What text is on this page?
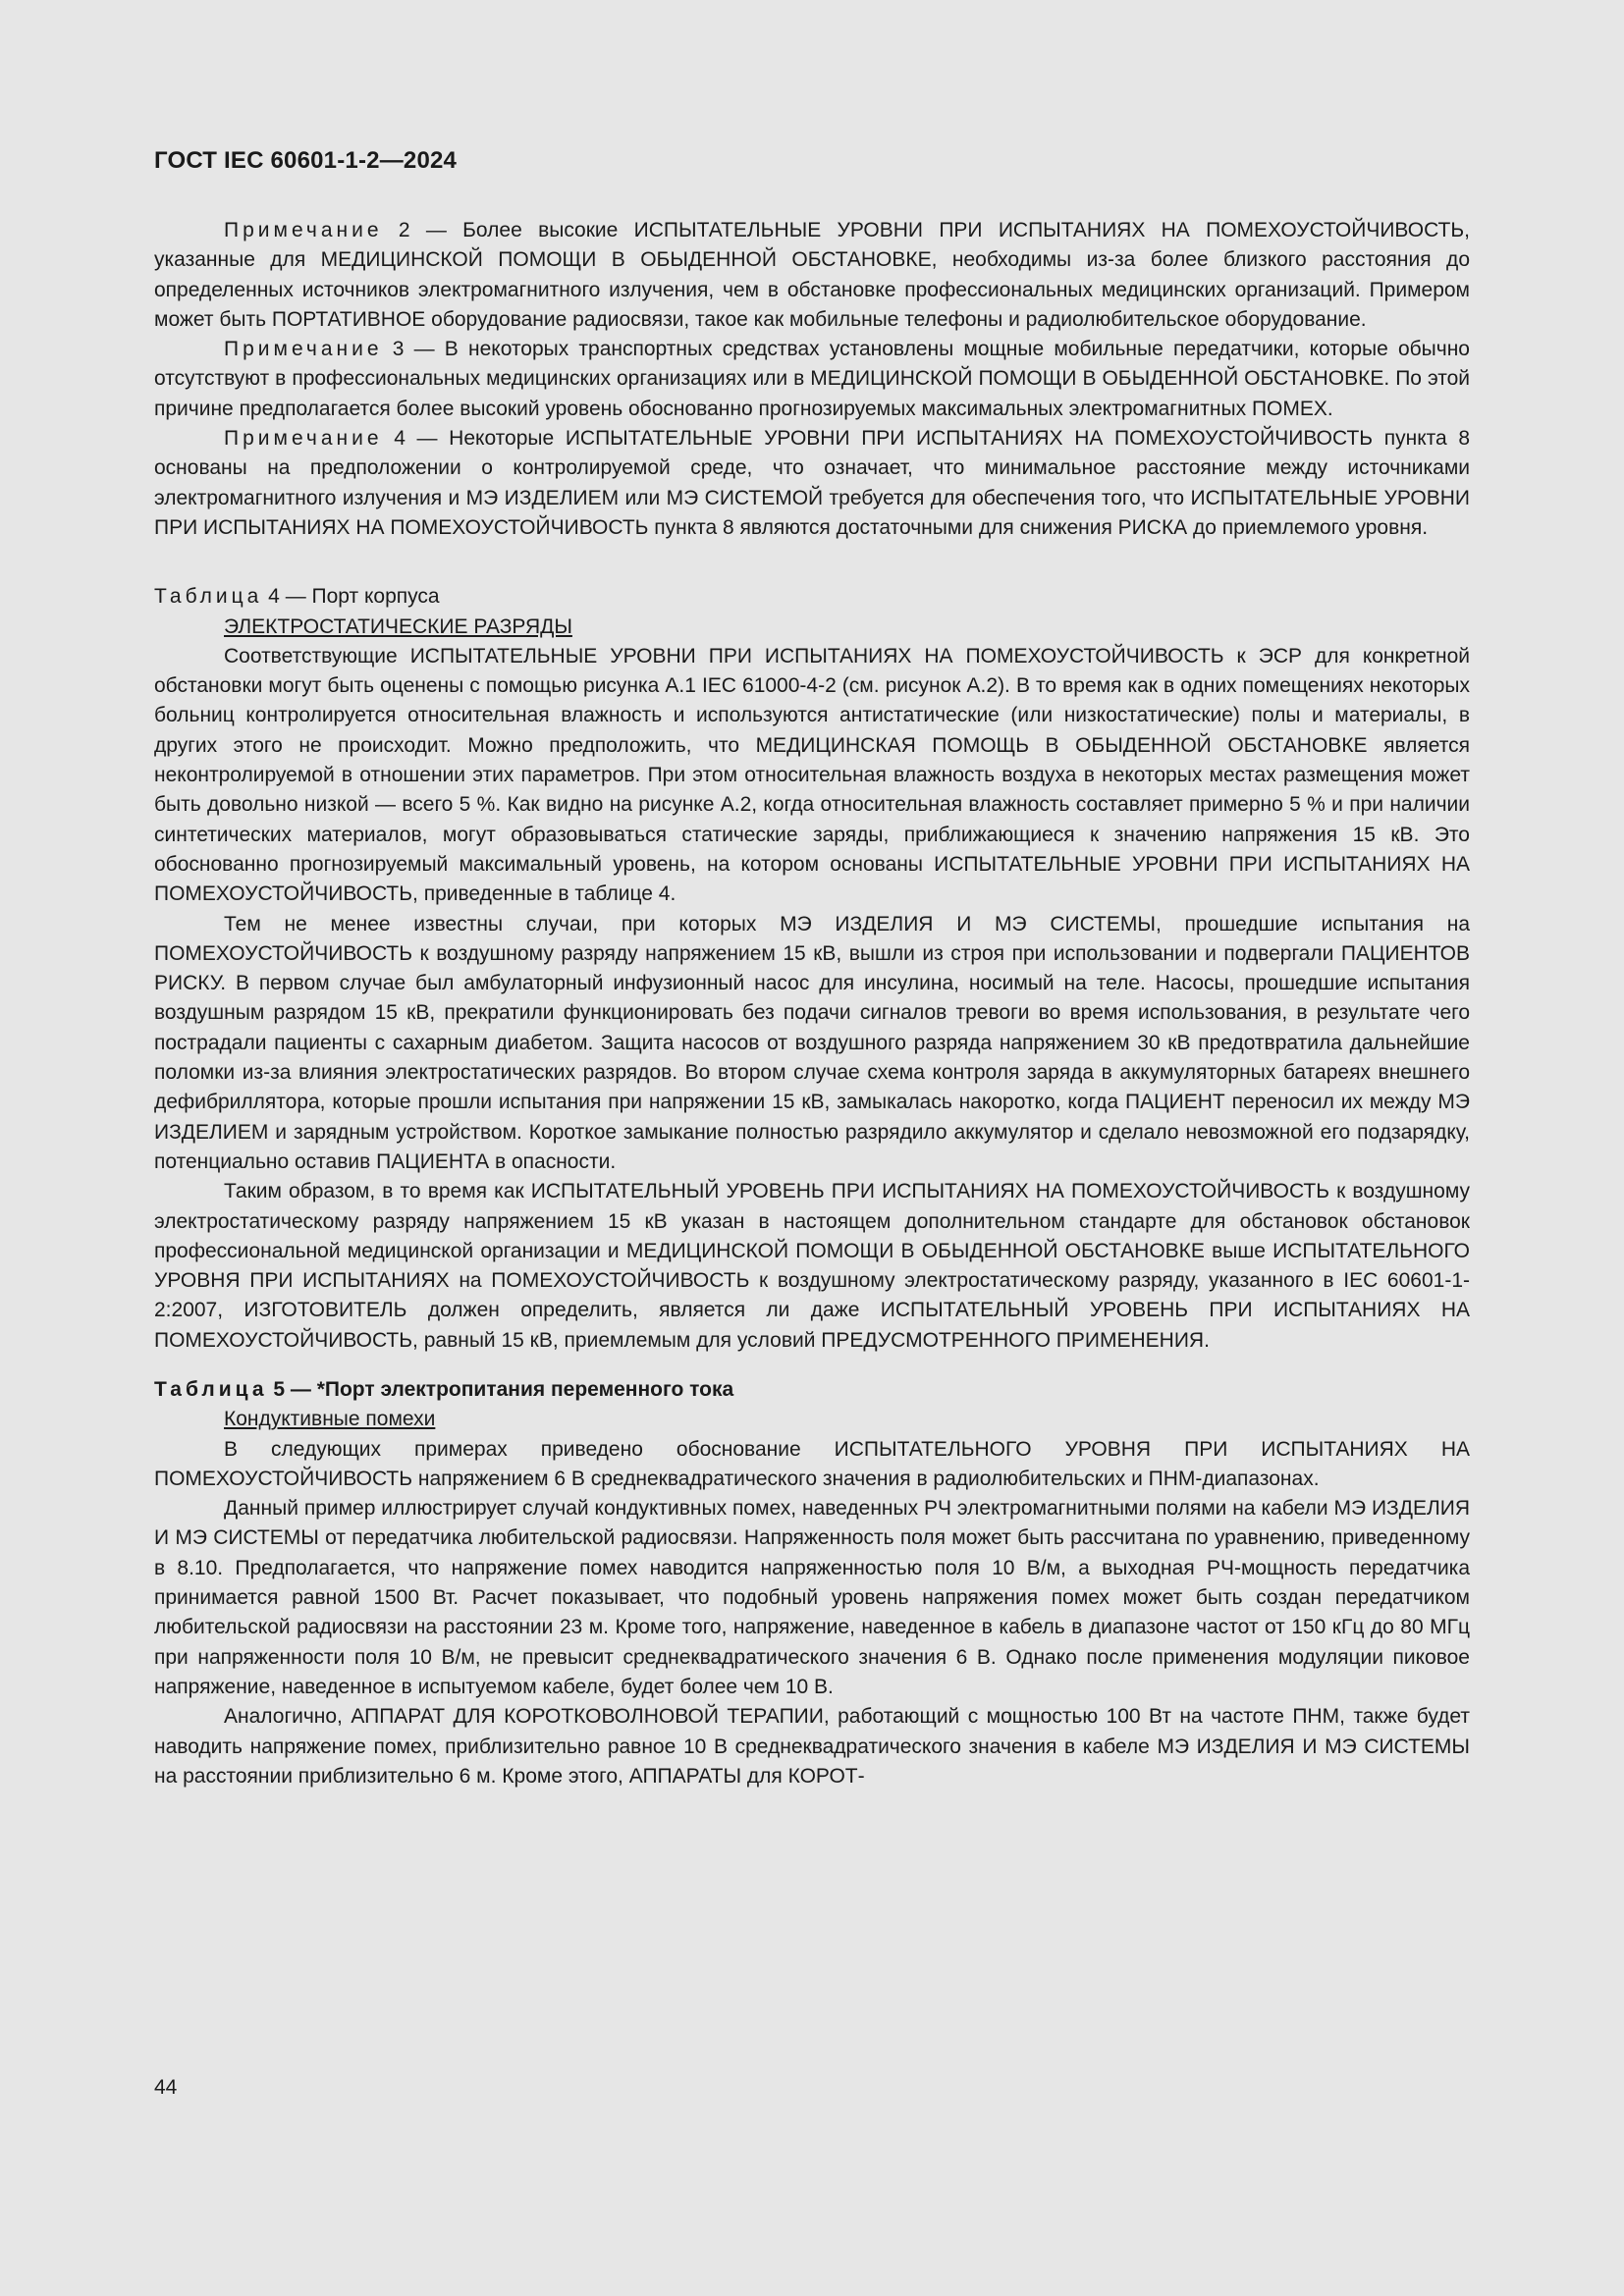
ГОСТ IEC 60601-1-2—2024

Примечание 2 — Более высокие ИСПЫТАТЕЛЬНЫЕ УРОВНИ ПРИ ИСПЫТАНИЯХ НА ПОМЕХОУСТОЙЧИВОСТЬ, указанные для МЕДИЦИНСКОЙ ПОМОЩИ В ОБЫДЕННОЙ ОБСТАНОВКЕ, необходимы из-за более близкого расстояния до определенных источников электромагнитного излучения, чем в обстановке профессиональных медицинских организаций. Примером может быть ПОРТАТИВНОЕ оборудование радиосвязи, такое как мобильные телефоны и радиолюбительское оборудование.

Примечание 3 — В некоторых транспортных средствах установлены мощные мобильные передатчики, которые обычно отсутствуют в профессиональных медицинских организациях или в МЕДИЦИНСКОЙ ПОМОЩИ В ОБЫДЕННОЙ ОБСТАНОВКЕ. По этой причине предполагается более высокий уровень обоснованно прогнозируемых максимальных электромагнитных ПОМЕХ.

Примечание 4 — Некоторые ИСПЫТАТЕЛЬНЫЕ УРОВНИ ПРИ ИСПЫТАНИЯХ НА ПОМЕХОУСТОЙЧИВОСТЬ пункта 8 основаны на предположении о контролируемой среде, что означает, что минимальное расстояние между источниками электромагнитного излучения и МЭ ИЗДЕЛИЕМ или МЭ СИСТЕМОЙ требуется для обеспечения того, что ИСПЫТАТЕЛЬНЫЕ УРОВНИ ПРИ ИСПЫТАНИЯХ НА ПОМЕХОУСТОЙЧИВОСТЬ пункта 8 являются достаточными для снижения РИСКА до приемлемого уровня.

Таблица 4 — Порт корпуса

ЭЛЕКТРОСТАТИЧЕСКИЕ РАЗРЯДЫ

Соответствующие ИСПЫТАТЕЛЬНЫЕ УРОВНИ ПРИ ИСПЫТАНИЯХ НА ПОМЕХОУСТОЙЧИВОСТЬ к ЭСР для конкретной обстановки могут быть оценены с помощью рисунка A.1 IEC 61000-4-2 (см. рисунок A.2). В то время как в одних помещениях некоторых больниц контролируется относительная влажность и используются антистатические (или низкостатические) полы и материалы, в других этого не происходит. Можно предположить, что МЕДИЦИНСКАЯ ПОМОЩЬ В ОБЫДЕННОЙ ОБСТАНОВКЕ является неконтролируемой в отношении этих параметров. При этом относительная влажность воздуха в некоторых местах размещения может быть довольно низкой — всего 5 %. Как видно на рисунке A.2, когда относительная влажность составляет примерно 5 % и при наличии синтетических материалов, могут образовываться статические заряды, приближающиеся к значению напряжения 15 кВ. Это обоснованно прогнозируемый максимальный уровень, на котором основаны ИСПЫТАТЕЛЬНЫЕ УРОВНИ ПРИ ИСПЫТАНИЯХ НА ПОМЕХОУСТОЙЧИВОСТЬ, приведенные в таблице 4.

Тем не менее известны случаи, при которых МЭ ИЗДЕЛИЯ И МЭ СИСТЕМЫ, прошедшие испытания на ПОМЕХОУСТОЙЧИВОСТЬ к воздушному разряду напряжением 15 кВ, вышли из строя при использовании и подвергали ПАЦИЕНТОВ РИСКУ. В первом случае был амбулаторный инфузионный насос для инсулина, носимый на теле. Насосы, прошедшие испытания воздушным разрядом 15 кВ, прекратили функционировать без подачи сигналов тревоги во время использования, в результате чего пострадали пациенты с сахарным диабетом. Защита насосов от воздушного разряда напряжением 30 кВ предотвратила дальнейшие поломки из-за влияния электростатических разрядов. Во втором случае схема контроля заряда в аккумуляторных батареях внешнего дефибриллятора, которые прошли испытания при напряжении 15 кВ, замыкалась накоротко, когда ПАЦИЕНТ переносил их между МЭ ИЗДЕЛИЕМ и зарядным устройством. Короткое замыкание полностью разрядило аккумулятор и сделало невозможной его подзарядку, потенциально оставив ПАЦИЕНТА в опасности.

Таким образом, в то время как ИСПЫТАТЕЛЬНЫЙ УРОВЕНЬ ПРИ ИСПЫТАНИЯХ НА ПОМЕХОУСТОЙЧИВОСТЬ к воздушному электростатическому разряду напряжением 15 кВ указан в настоящем дополнительном стандарте для обстановок обстановок профессиональной медицинской организации и МЕДИЦИНСКОЙ ПОМОЩИ В ОБЫДЕННОЙ ОБСТАНОВКЕ выше ИСПЫТАТЕЛЬНОГО УРОВНЯ ПРИ ИСПЫТАНИЯХ на ПОМЕХОУСТОЙЧИВОСТЬ к воздушному электростатическому разряду, указанного в IEC 60601-1-2:2007, ИЗГОТОВИТЕЛЬ должен определить, является ли даже ИСПЫТАТЕЛЬНЫЙ УРОВЕНЬ ПРИ ИСПЫТАНИЯХ НА ПОМЕХОУСТОЙЧИВОСТЬ, равный 15 кВ, приемлемым для условий ПРЕДУСМОТРЕННОГО ПРИМЕНЕНИЯ.

Таблица 5 — *Порт электропитания переменного тока

Кондуктивные помехи

В следующих примерах приведено обоснование ИСПЫТАТЕЛЬНОГО УРОВНЯ ПРИ ИСПЫТАНИЯХ НА ПОМЕХОУСТОЙЧИВОСТЬ напряжением 6 В среднеквадратического значения в радиолюбительских и ПНМ-диапазонах.

Данный пример иллюстрирует случай кондуктивных помех, наведенных РЧ электромагнитными полями на кабели МЭ ИЗДЕЛИЯ И МЭ СИСТЕМЫ от передатчика любительской радиосвязи. Напряженность поля может быть рассчитана по уравнению, приведенному в 8.10. Предполагается, что напряжение помех наводится напряженностью поля 10 В/м, а выходная РЧ-мощность передатчика принимается равной 1500 Вт. Расчет показывает, что подобный уровень напряжения помех может быть создан передатчиком любительской радиосвязи на расстоянии 23 м. Кроме того, напряжение, наведенное в кабель в диапазоне частот от 150 кГц до 80 МГц при напряженности поля 10 В/м, не превысит среднеквадратического значения 6 В. Однако после применения модуляции пиковое напряжение, наведенное в испытуемом кабеле, будет более чем 10 В.

Аналогично, АППАРАТ ДЛЯ КОРОТКОВОЛНОВОЙ ТЕРАПИИ, работающий с мощностью 100 Вт на частоте ПНМ, также будет наводить напряжение помех, приблизительно равное 10 В среднеквадратического значения в кабеле МЭ ИЗДЕЛИЯ И МЭ СИСТЕМЫ на расстоянии приблизительно 6 м. Кроме этого, АППАРАТЫ для КОРОТ-

44
